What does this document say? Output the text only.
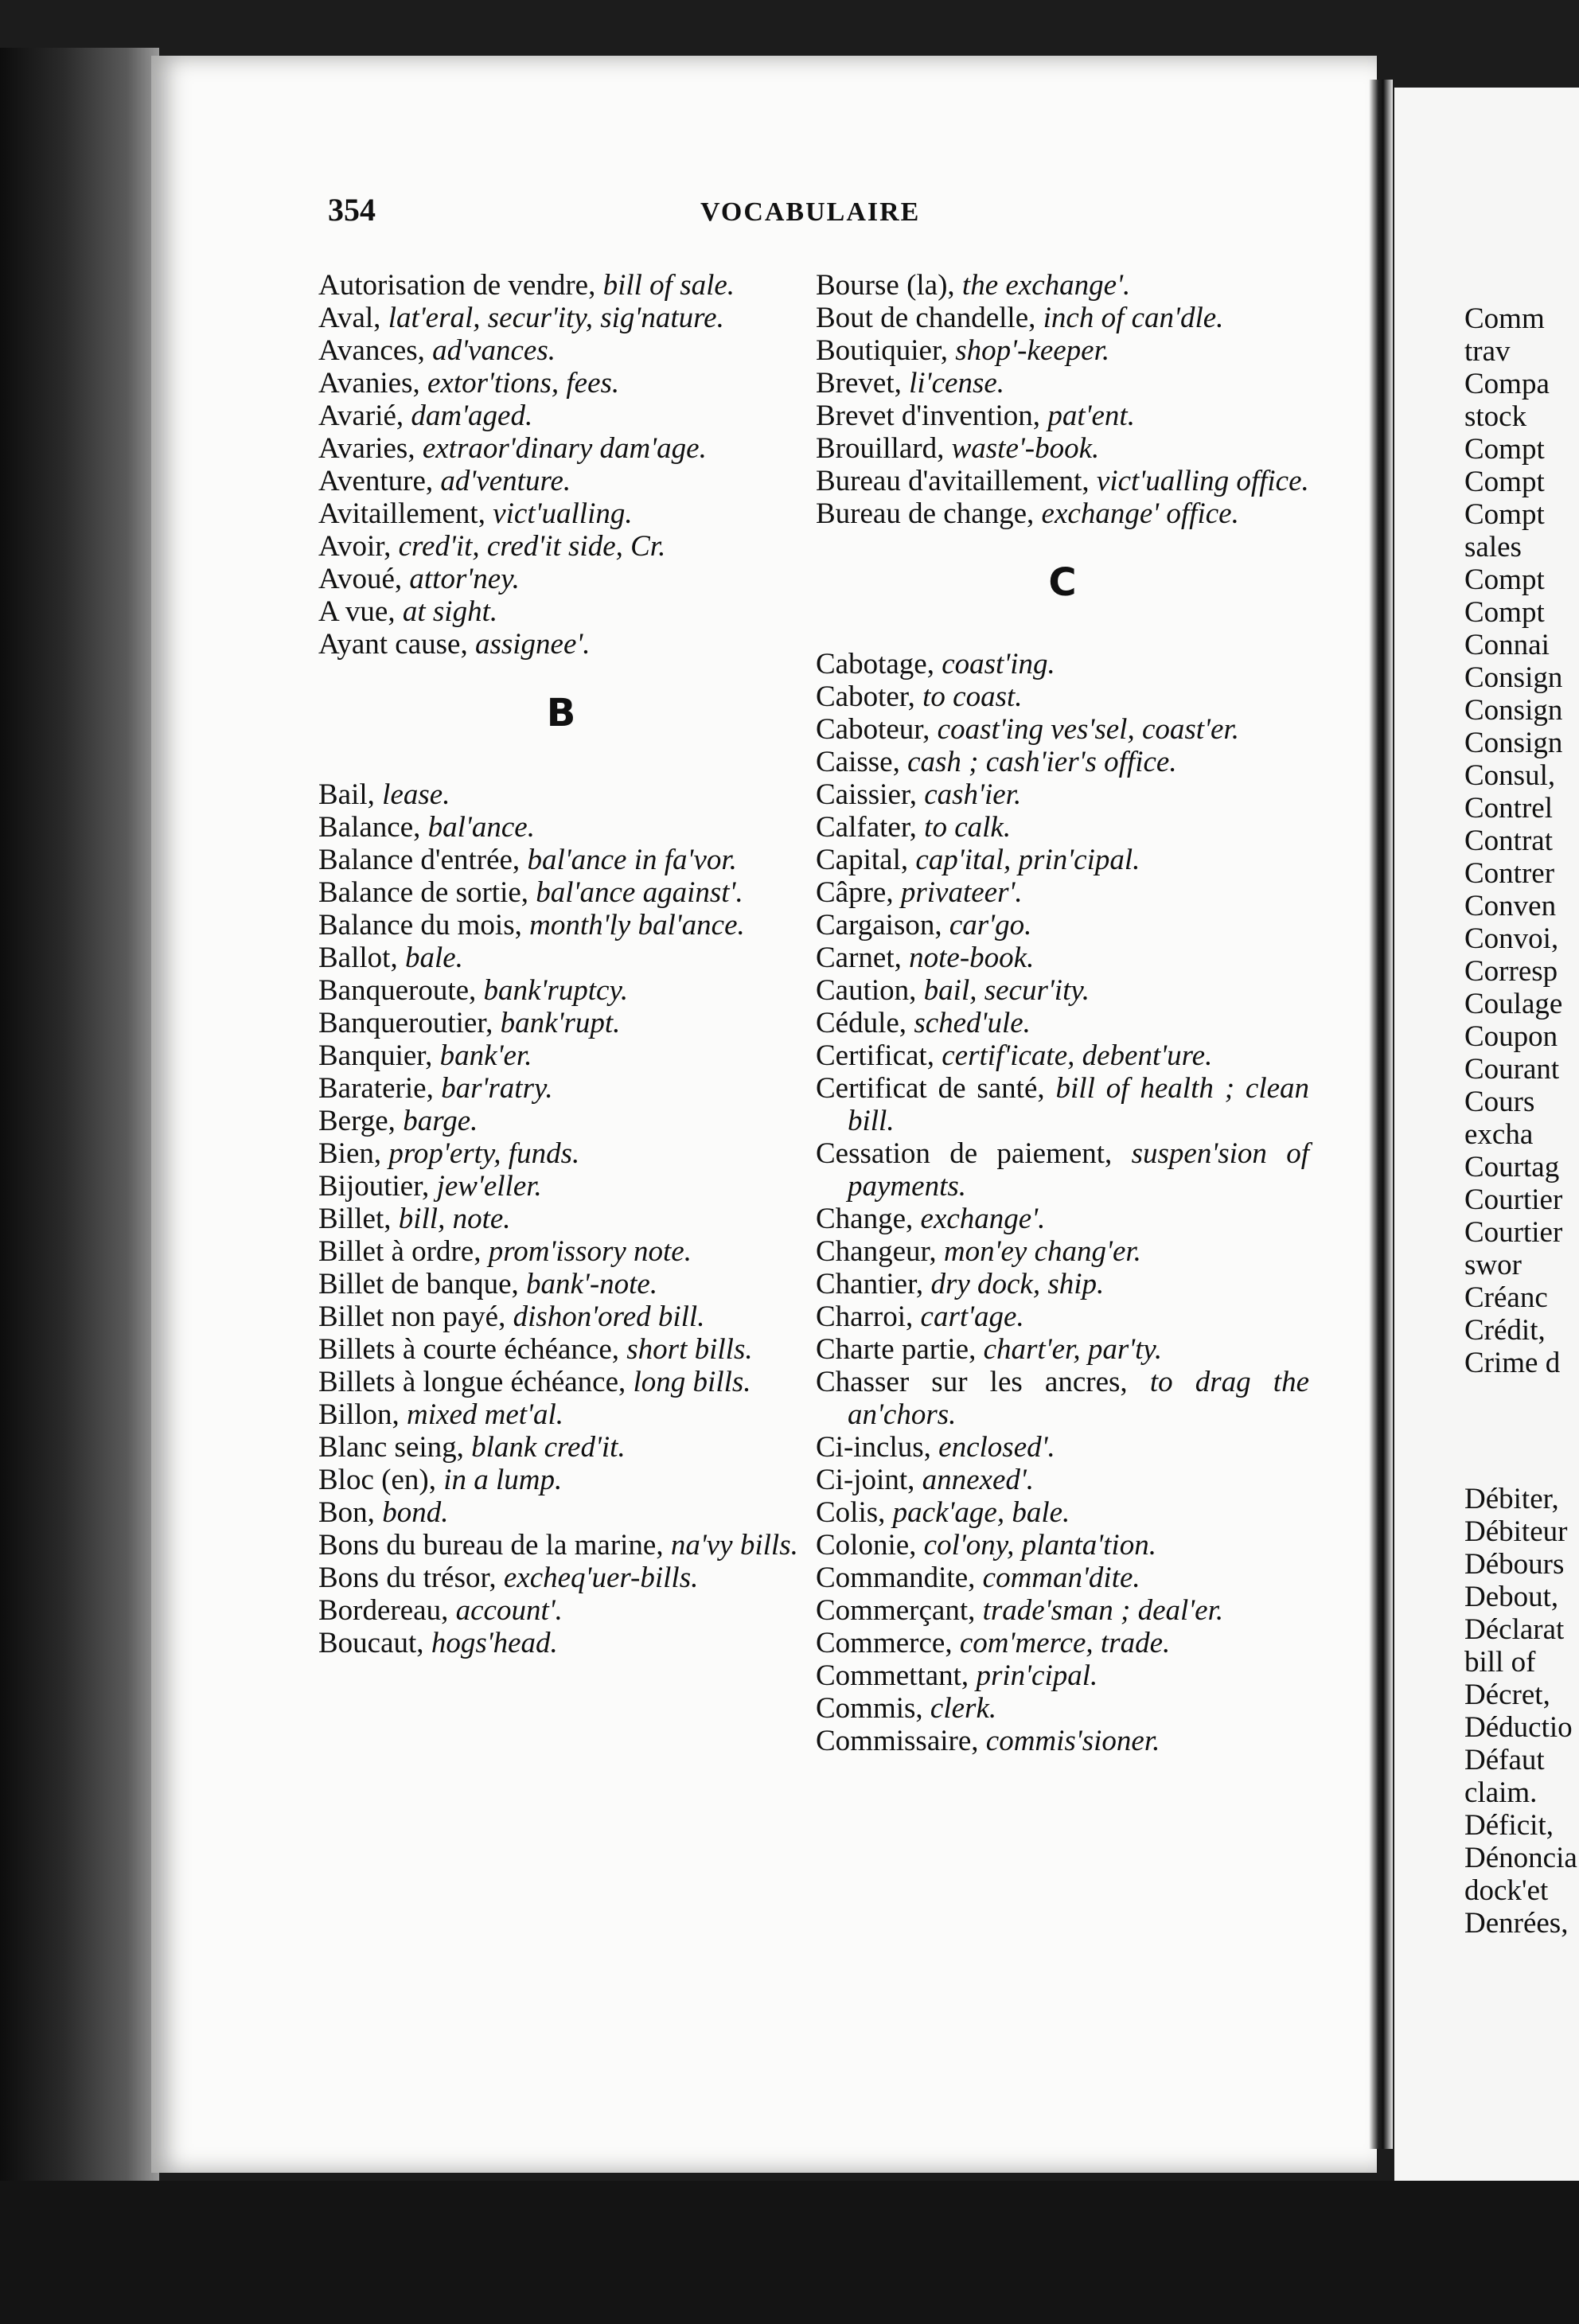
354	VOCABULAIRE
Autorisation de vendre, bill of sale.
Aval, lat'eral, secur'ity, sig'nature.
Avances, ad'vances.
Avanies, extor'tions, fees.
Avarié, dam'aged.
Avaries, extraor'dinary dam'age.
Aventure, ad'venture.
Avitaillement, vict'ualling.
Avoir, cred'it, cred'it side, Cr.
Avoué, attor'ney.
A vue, at sight.
Ayant cause, assignee'.
B
Bail, lease.
Balance, bal'ance.
Balance d'entrée, bal'ance in fa'vor.
Balance de sortie, bal'ance against'.
Balance du mois, month'ly bal'ance.
Ballot, bale.
Banqueroute, bank'ruptcy.
Banqueroutier, bank'rupt.
Banquier, bank'er.
Baraterie, bar'ratry.
Berge, barge.
Bien, prop'erty, funds.
Bijoutier, jew'eller.
Billet, bill, note.
Billet à ordre, prom'issory note.
Billet de banque, bank'-note.
Billet non payé, dishon'ored bill.
Billets à courte échéance, short bills.
Billets à longue échéance, long bills.
Billon, mixed met'al.
Blanc seing, blank cred'it.
Bloc (en), in a lump.
Bon, bond.
Bons du bureau de la marine, na'vy bills.
Bons du trésor, excheq'uer-bills.
Bordereau, account'.
Boucaut, hogs'head.
Bourse (la), the exchange'.
Bout de chandelle, inch of can'dle.
Boutiquier, shop'-keeper.
Brevet, li'cense.
Brevet d'invention, pat'ent.
Brouillard, waste'-book.
Bureau d'avitaillement, vict'ualling office.
Bureau de change, exchange' office.
C
Cabotage, coast'ing.
Caboter, to coast.
Caboteur, coast'ing ves'sel, coast'er.
Caisse, cash ; cash'ier's office.
Caissier, cash'ier.
Calfater, to calk.
Capital, cap'ital, prin'cipal.
Câpre, privateer'.
Cargaison, car'go.
Carnet, note-book.
Caution, bail, secur'ity.
Cédule, sched'ule.
Certificat, certif'icate, debent'ure.
Certificat de santé, bill of health ; clean bill.
Cessation de paiement, suspen'sion of payments.
Change, exchange'.
Changeur, mon'ey chang'er.
Chantier, dry dock, ship.
Charroi, cart'age.
Charte partie, chart'er, par'ty.
Chasser sur les ancres, to drag the an'chors.
Ci-inclus, enclosed'.
Ci-joint, annexed'.
Colis, pack'age, bale.
Colonie, col'ony, planta'tion.
Commandite, comman'dite.
Commerçant, trade'sman ; deal'er.
Commerce, com'merce, trade.
Commettant, prin'cipal.
Commis, clerk.
Commissaire, commis'sioner.
Comm
trav
Compa
stock
Compt
Compt
Compt
sales
Compt
Compt
Connai
Consign
Consign
Consign
Consul,
Contrel
Contrat
Contrer
Conven
Convoi,
Corresp
Coulage
Coupon
Courant
Cours
excha
Courtag
Courtier
Courtier
swor
Créanc
Crédit,
Crime d
Débiter,
Débiteur
Débours
Debout,
Déclarat
bill of
Décret,
Déductio
Défaut
claim.
Déficit,
Dénoncia
dock'et
Denrées,
